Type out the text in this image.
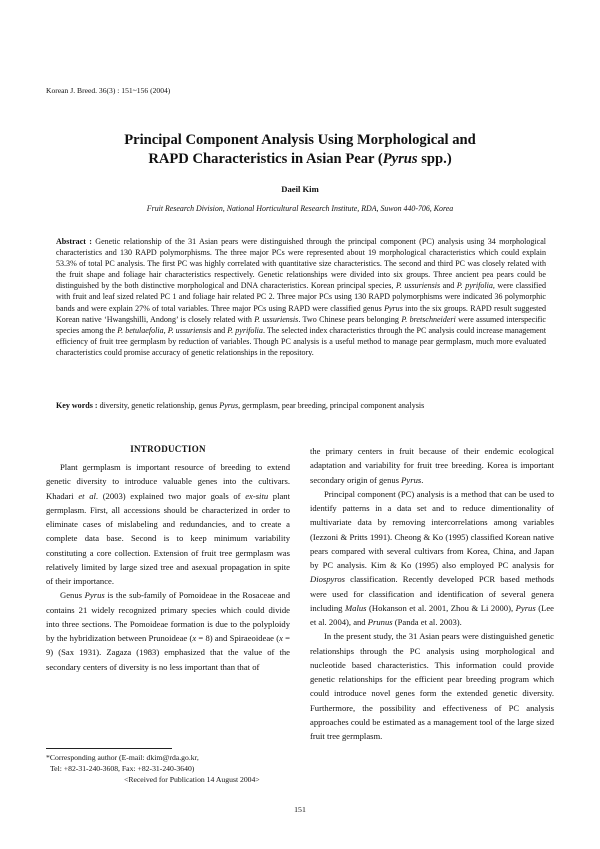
Korean J. Breed. 36(3) : 151~156 (2004)
Principal Component Analysis Using Morphological and
RAPD Characteristics in Asian Pear (Pyrus spp.)
Daeil Kim
Fruit Research Division, National Horticultural Research Institute, RDA, Suwon 440-706, Korea
Abstract : Genetic relationship of the 31 Asian pears were distinguished through the principal component (PC) analysis using 34 morphological characteristics and 130 RAPD polymorphisms. The three major PCs were represented about 19 morphological characteristics which could explain 53.3% of total PC analysis. The first PC was highly correlated with quantitative size characteristics. The second and third PC was closely related with the fruit shape and foliage hair characteristics respectively. Genetic relationships were divided into six groups. Three ancient pea pears could be distinguished by the both distinctive morphological and DNA characteristics. Korean principal species, P. ussuriensis and P. pyrifolia, were classified with fruit and leaf sized related PC 1 and foliage hair related PC 2. Three major PCs using 130 RAPD polymorphisms were indicated 36 polymorphic bands and were explain 27% of total variables. Three major PCs using RAPD were classified genus Pyrus into the six groups. RAPD result suggested Korean native ‘Hwangshilli, Andong’ is closely related with P. ussuriensis. Two Chinese pears belonging P. bretschneideri were assumed interspecific species among the P. betulaefolia, P. ussuriensis and P. pyrifolia. The selected index characteristics through the PC analysis could increase management efficiency of fruit tree germplasm by reduction of variables. Though PC analysis is a useful method to manage pear germplasm, much more evaluated characteristics could promise accuracy of genetic relationships in the repository.
Key words : diversity, genetic relationship, genus Pyrus, germplasm, pear breeding, principal component analysis
INTRODUCTION

Plant germplasm is important resource of breeding to extend genetic diversity to introduce valuable genes into the cultivars. Khadari et al. (2003) explained two major goals of ex-situ plant germplasm. First, all accessions should be characterized in order to eliminate cases of mislabeling and redundancies, and to create a complete data base. Second is to keep minimum variability constituting a core collection. Extension of fruit tree germplasm was relatively limited by large sized tree and asexual propagation in spite of their importance.

Genus Pyrus is the sub-family of Pomoideae in the Rosaceae and contains 21 widely recognized primary species which could divide into three sections. The Pomoideae formation is due to the polyploidy by the hybridization between Prunoideae (x = 8) and Spiraeoideae (x = 9) (Sax 1931). Zagaza (1983) emphasized that the value of the secondary centers of diversity is no less important than that of

the primary centers in fruit because of their endemic ecological adaptation and variability for fruit tree breeding. Korea is important secondary origin of genus Pyrus.

Principal component (PC) analysis is a method that can be used to identify patterns in a data set and to reduce dimentionality of multivariate data by removing intercorrelations among variables (Iezzoni & Pritts 1991). Cheong & Ko (1995) classified Korean native pears compared with several cultivars from Korea, China, and Japan by PC analysis. Kim & Ko (1995) also employed PC analysis for Diospyros classification. Recently developed PCR based methods were used for classification and identification of several genera including Malus (Hokanson et al. 2001, Zhou & Li 2000), Pyrus (Lee et al. 2004), and Prunus (Panda et al. 2003).

In the present study, the 31 Asian pears were distinguished genetic relationships through the PC analysis using morphological and nucleotide based characteristics. This information could provide genetic relationships for the efficient pear breeding program which could introduce novel genes form the extended genetic diversity. Furthermore, the possibility and effectiveness of PC analysis approaches could be estimated as a management tool of the large sized fruit tree germplasm.

*Corresponding author (E-mail: dkim@rda.go.kr,
Tel: +82-31-240-3608, Fax: +82-31-240-3640)
<Received for Publication 14 August 2004>
151
